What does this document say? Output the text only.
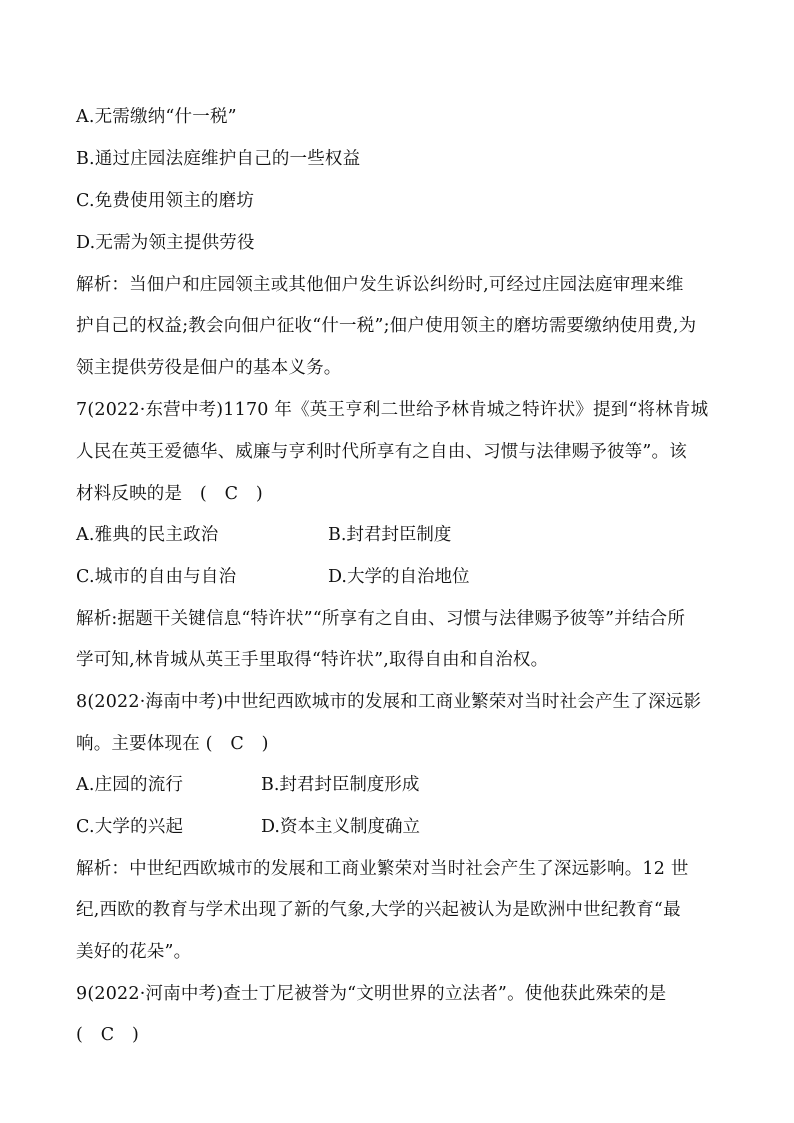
A.无需缴纳“什一税”
B.通过庄园法庭维护自己的一些权益
C.免费使用领主的磨坊
D.无需为领主提供劳役
解析：当佃户和庄园领主或其他佃户发生诉讼纠纷时,可经过庄园法庭审理来维
护自己的权益;教会向佃户征收“什一税”;佃户使用领主的磨坊需要缴纳使用费,为
领主提供劳役是佃户的基本义务。
7(2022·东营中考)1170 年《英王亨利二世给予林肯城之特许状》提到“将林肯城
人民在英王爱德华、威廉与亨利时代所享有之自由、习惯与法律赐予彼等”。该
材料反映的是　(　C　)
A.雅典的民主政治	B.封君封臣制度
C.城市的自由与自治	D.大学的自治地位
解析:据题干关键信息“特许状”“所享有之自由、习惯与法律赐予彼等”并结合所
学可知,林肯城从英王手里取得“特许状”,取得自由和自治权。
8(2022·海南中考)中世纪西欧城市的发展和工商业繁荣对当时社会产生了深远影
响。主要体现在 (　C　)
A.庄园的流行	B.封君封臣制度形成
C.大学的兴起	D.资本主义制度确立
解析：中世纪西欧城市的发展和工商业繁荣对当时社会产生了深远影响。12 世
纪,西欧的教育与学术出现了新的气象,大学的兴起被认为是欧洲中世纪教育“最
美好的花朵”。
9(2022·河南中考)查士丁尼被誉为“文明世界的立法者”。使他获此殊荣的是
(　C　)
